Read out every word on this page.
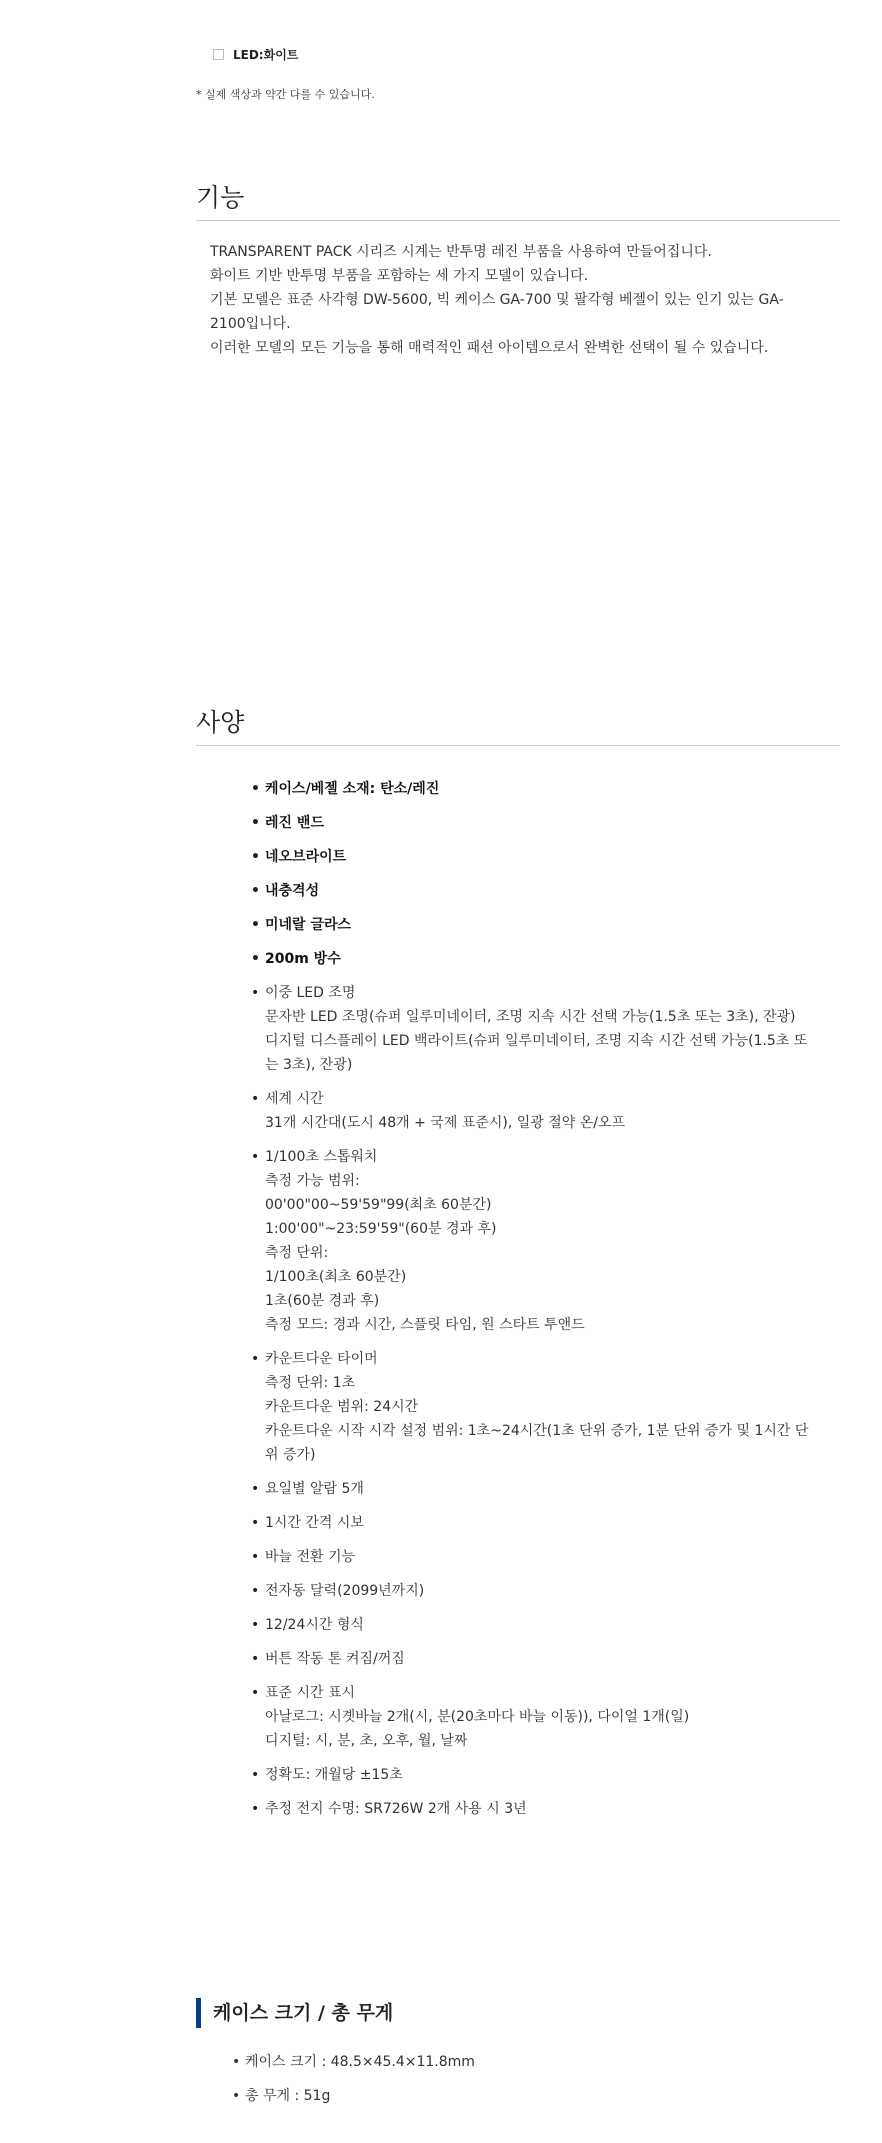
LED:화이트
* 실제 색상과 약간 다를 수 있습니다.
기능

TRANSPARENT PACK 시리즈 시계는 반투명 레진 부품을 사용하여 만들어집니다.

화이트 기반 반투명 부품을 포함하는 세 가지 모델이 있습니다.

기본 모델은 표준 사각형 DW-5600, 빅 케이스 GA-700 및 팔각형 베젤이 있는 인기 있는 GA-2100입니다.

이러한 모델의 모든 기능을 통해 매력적인 패션 아이템으로서 완벽한 선택이 될 수 있습니다.

사양
• 케이스/베젤 소재: 탄소/레진
• 레진 밴드
• 네오브라이트
• 내충격성
• 미네랄 글라스
• 200m 방수
• 이중 LED 조명
문자반 LED 조명(슈퍼 일루미네이터, 조명 지속 시간 선택 가능(1.5초 또는 3초), 잔광)
디지털 디스플레이 LED 백라이트(슈퍼 일루미네이터, 조명 지속 시간 선택 가능(1.5초 또는 3초), 잔광)
• 세계 시간
31개 시간대(도시 48개 + 국제 표준시), 일광 절약 온/오프
• 1/100초 스톱워치
측정 가능 범위:
00'00"00~59'59"99(최초 60분간)
1:00'00"~23:59'59"(60분 경과 후)
측정 단위:
1/100초(최초 60분간)
1초(60분 경과 후)
측정 모드: 경과 시간, 스플릿 타임, 원 스타트 투앤드
• 카운트다운 타이머
측정 단위: 1초
카운트다운 범위: 24시간
카운트다운 시작 시각 설정 범위: 1초~24시간(1초 단위 증가, 1분 단위 증가 및 1시간 단위 증가)
• 요일별 알람 5개
• 1시간 간격 시보
• 바늘 전환 기능
• 전자동 달력(2099년까지)
• 12/24시간 형식
• 버튼 작동 톤 켜짐/꺼짐
• 표준 시간 표시
아날로그: 시곗바늘 2개(시, 분(20초마다 바늘 이동)), 다이얼 1개(일)
디지털: 시, 분, 초, 오후, 월, 날짜
• 정확도: 개월당 ±15초
• 추정 전지 수명: SR726W 2개 사용 시 3년
케이스 크기 / 총 무게
• 케이스 크기 : 48.5×45.4×11.8mm
• 총 무게 : 51g
